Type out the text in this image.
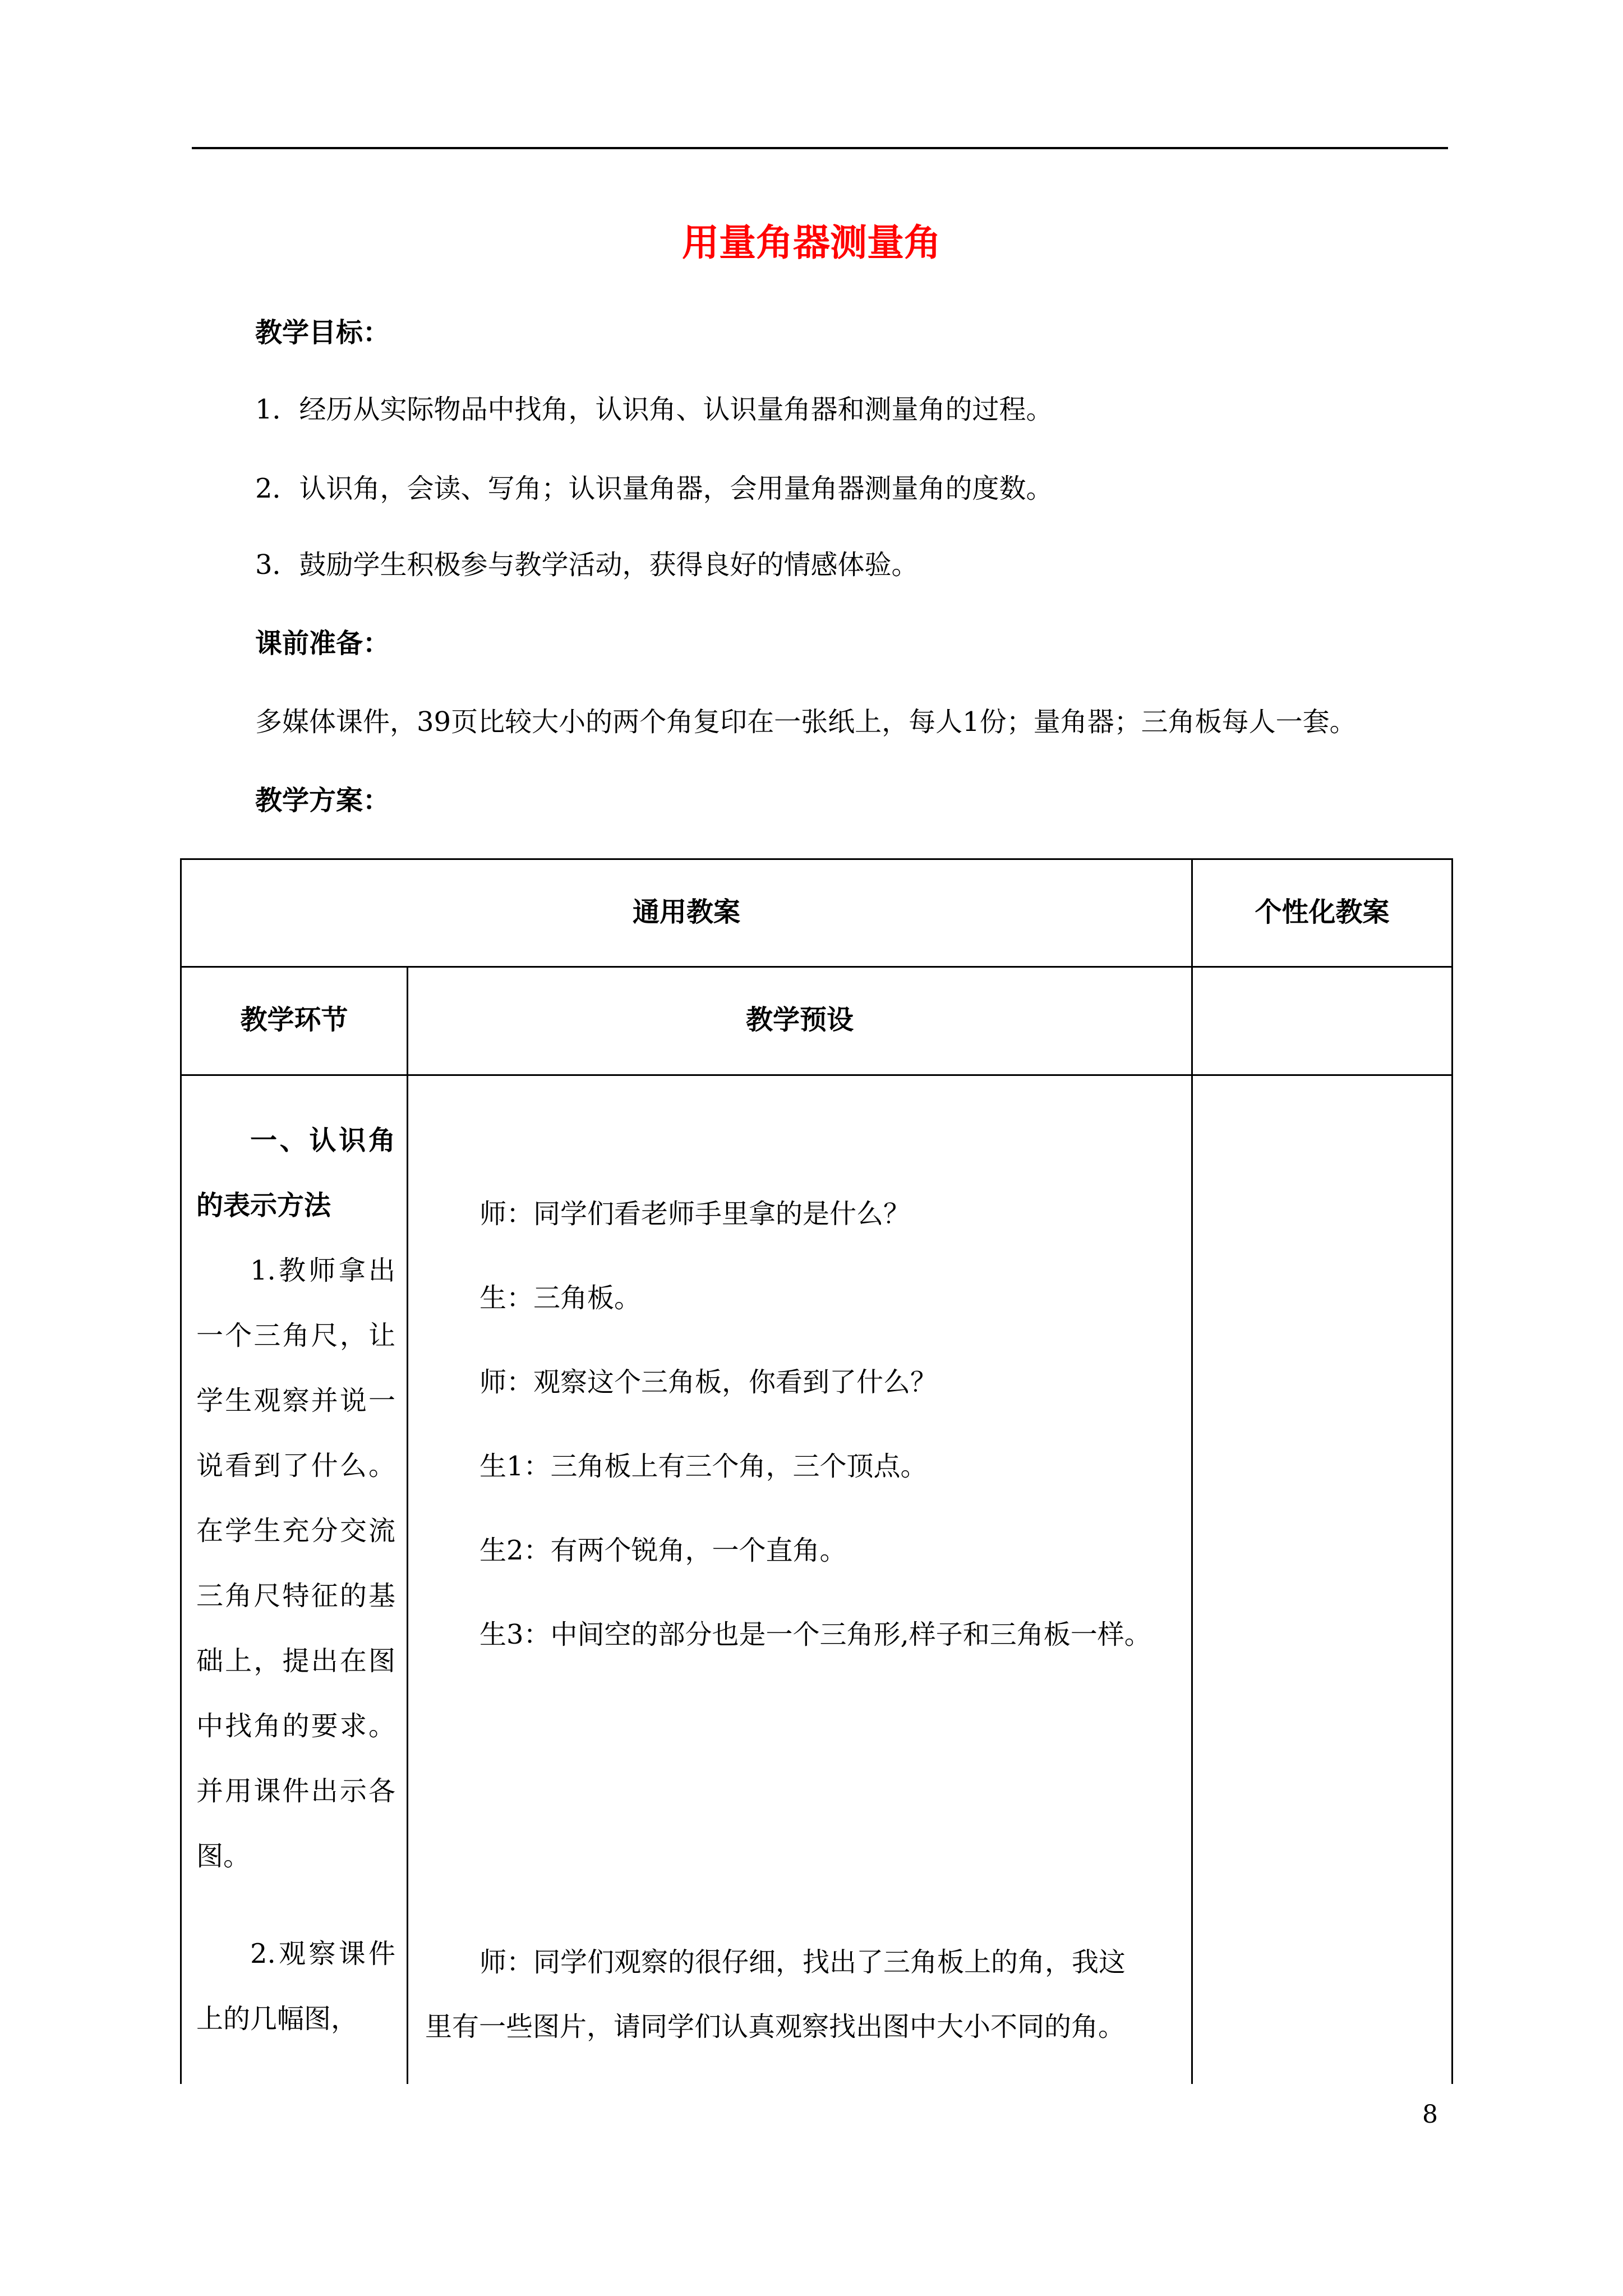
用量角器测量角
教学目标：
1．经历从实际物品中找角，认识角、认识量角器和测量角的过程。
2．认识角，会读、写角；认识量角器，会用量角器测量角的度数。
3．鼓励学生积极参与教学活动，获得良好的情感体验。
课前准备：
多媒体课件，39页比较大小的两个角复印在一张纸上，每人1份；量角器；三角板每人一套。
教学方案：
通用教案	个性化教案
教学环节	教学预设

一、认识角的表示方法

1.教师拿出一个三角尺，让学生观察并说一说看到了什么。在学生充分交流三角尺特征的基础上，提出在图中找角的要求。并用课件出示各图。

2.观察课件上的几幅图，

师：同学们看老师手里拿的是什么？
生：三角板。
师：观察这个三角板，你看到了什么？
生1：三角板上有三个角，三个顶点。
生2：有两个锐角，一个直角。
生3：中间空的部分也是一个三角形,样子和三角板一样。
师：同学们观察的很仔细，找出了三角板上的角，我这
里有一些图片，请同学们认真观察找出图中大小不同的角。
8
